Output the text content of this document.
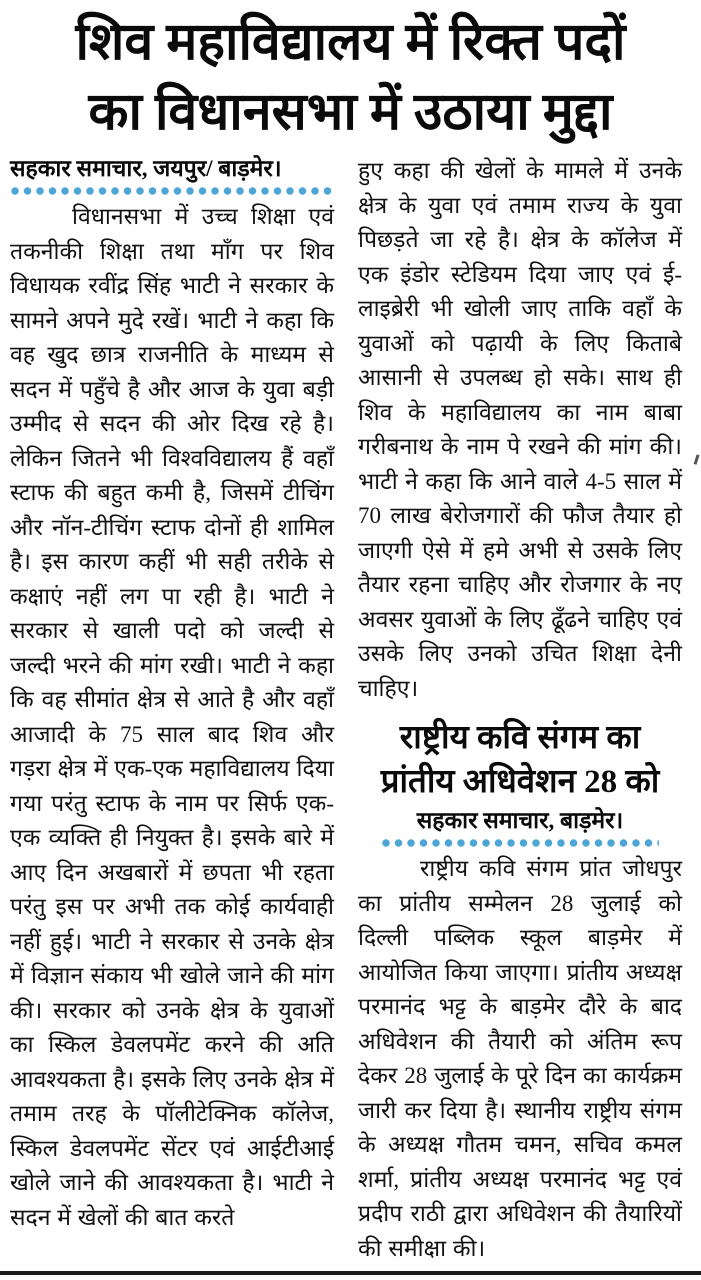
शिव महाविद्यालय में रिक्त पदों
का विधानसभा में उठाया मुद्दा
सहकार समाचार, जयपुर/ बाड़मेर।

विधानसभा में उच्च शिक्षा एवं तकनीकी शिक्षा तथा माँग पर शिव विधायक रवींद्र सिंह भाटी ने सरकार के सामने अपने मुदे रखें। भाटी ने कहा कि वह खुद छात्र राजनीति के माध्यम से सदन में पहुँचे है और आज के युवा बड़ी उम्मीद से सदन की ओर दिख रहे है। लेकिन जितने भी विश्वविद्यालय हैं वहाँ स्टाफ की बहुत कमी है, जिसमें टीचिंग और नॉन-टीचिंग स्टाफ दोनों ही शामिल है। इस कारण कहीं भी सही तरीके से कक्षाएं नहीं लग पा रही है। भाटी ने सरकार से खाली पदो को जल्दी से जल्दी भरने की मांग रखी। भाटी ने कहा कि वह सीमांत क्षेत्र से आते है और वहाँ आजादी के 75 साल बाद शिव और गड़रा क्षेत्र में एक-एक महाविद्यालय दिया गया परंतु स्टाफ के नाम पर सिर्फ एक-एक व्यक्ति ही नियुक्त है। इसके बारे में आए दिन अखबारों में छपता भी रहता परंतु इस पर अभी तक कोई कार्यवाही नहीं हुई। भाटी ने सरकार से उनके क्षेत्र में विज्ञान संकाय भी खोले जाने की मांग की। सरकार को उनके क्षेत्र के युवाओं का स्किल डेवलपमेंट करने की अति आवश्यकता है। इसके लिए उनके क्षेत्र में तमाम तरह के पॉलीटेक्निक कॉलेज, स्किल डेवलपमेंट सेंटर एवं आईटीआई खोले जाने की आवश्यकता है। भाटी ने सदन में खेलों की बात करते

हुए कहा की खेलों के मामले में उनके क्षेत्र के युवा एवं तमाम राज्य के युवा पिछड़ते जा रहे है। क्षेत्र के कॉलेज में एक इंडोर स्टेडियम दिया जाए एवं ई-लाइब्रेरी भी खोली जाए ताकि वहाँ के युवाओं को पढ़ायी के लिए किताबे आसानी से उपलब्ध हो सके। साथ ही शिव के महाविद्यालय का नाम बाबा गरीबनाथ के नाम पे रखने की मांग की। भाटी ने कहा कि आने वाले 4-5 साल में 70 लाख बेरोजगारों की फौज तैयार हो जाएगी ऐसे में हमे अभी से उसके लिए तैयार रहना चाहिए और रोजगार के नए अवसर युवाओं के लिए ढूँढने चाहिए एवं उसके लिए उनको उचित शिक्षा देनी चाहिए।

राष्ट्रीय कवि संगम का
प्रांतीय अधिवेशन 28 को
सहकार समाचार, बाड़मेर।

राष्ट्रीय कवि संगम प्रांत जोधपुर का प्रांतीय सम्मेलन 28 जुलाई को दिल्ली पब्लिक स्कूल बाड़मेर में आयोजित किया जाएगा। प्रांतीय अध्यक्ष परमानंद भट्ट के बाड़मेर दौरे के बाद अधिवेशन की तैयारी को अंतिम रूप देकर 28 जुलाई के पूरे दिन का कार्यक्रम जारी कर दिया है। स्थानीय राष्ट्रीय संगम के अध्यक्ष गौतम चमन, सचिव कमल शर्मा, प्रांतीय अध्यक्ष परमानंद भट्ट एवं प्रदीप राठी द्वारा अधिवेशन की तैयारियों की समीक्षा की।
